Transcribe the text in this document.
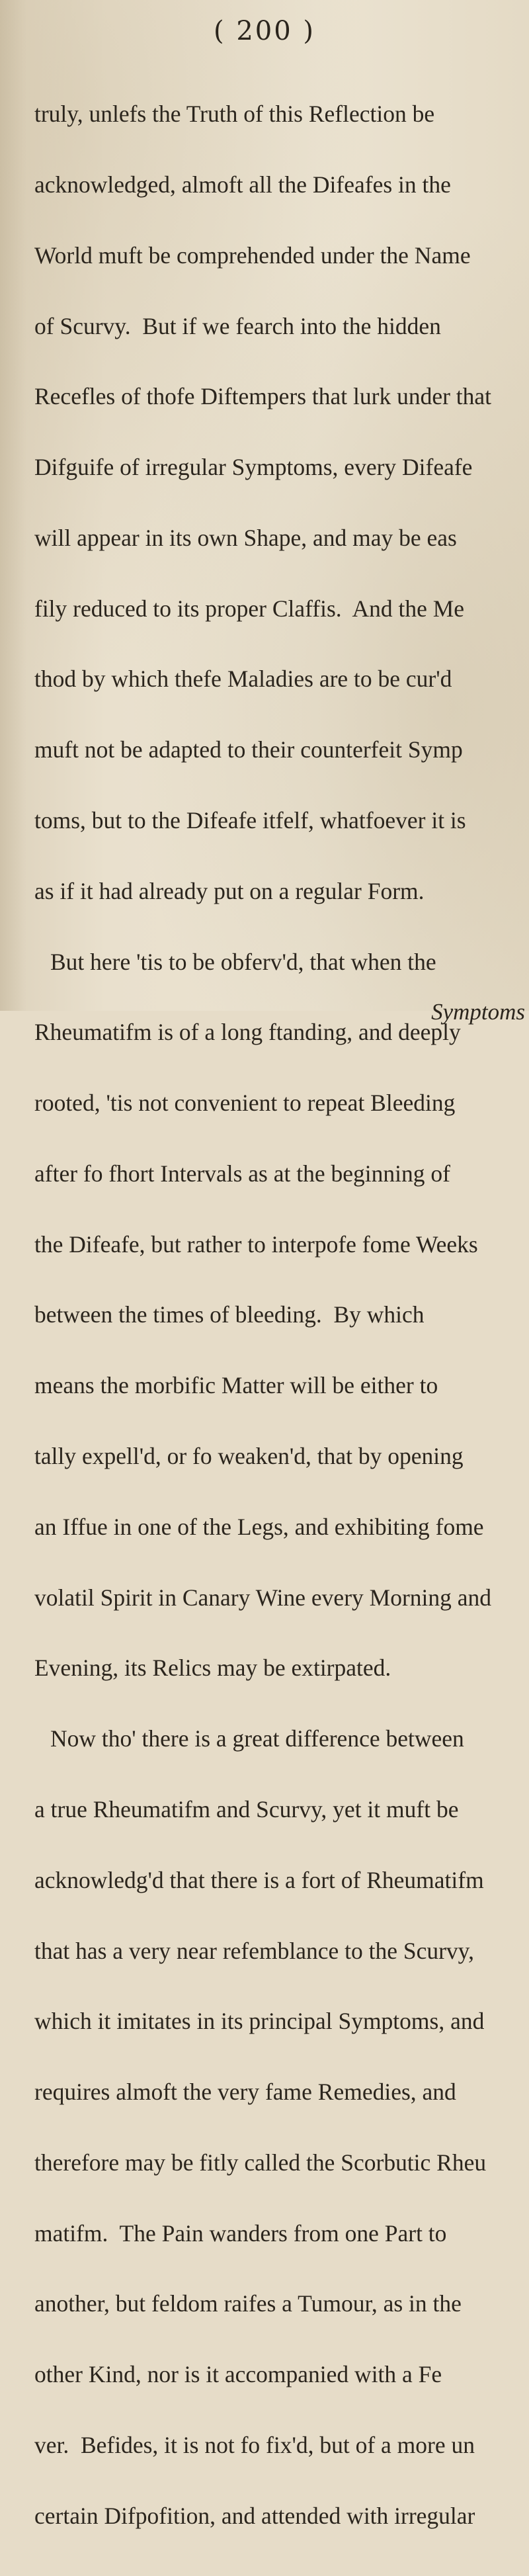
( 200 )

truly, unlefs the Truth of this Reflection be

acknowledged, almoft all the Difeafes in the

World muft be comprehended under the Name

of Scurvy.  But if we fearch into the hidden

Recefles of thofe Diftempers that lurk under that

Difguife of irregular Symptoms, every Difeafe

will appear in its own Shape, and may be eas

fily reduced to its proper Claffis.  And the Me

thod by which thefe Maladies are to be cur'd

muft not be adapted to their counterfeit Symp

toms, but to the Difeafe itfelf, whatfoever it is

as if it had already put on a regular Form.

But here 'tis to be obferv'd, that when the

Rheumatifm is of a long ftanding, and deeply

rooted, 'tis not convenient to repeat Bleeding

after fo fhort Intervals as at the beginning of

the Difeafe, but rather to interpofe fome Weeks

between the times of bleeding.  By which

means the morbific Matter will be either to

tally expell'd, or fo weaken'd, that by opening

an Iffue in one of the Legs, and exhibiting fome

volatil Spirit in Canary Wine every Morning and

Evening, its Relics may be extirpated.

Now tho' there is a great difference between

a true Rheumatifm and Scurvy, yet it muft be

acknowledg'd that there is a fort of Rheumatifm

that has a very near refemblance to the Scurvy,

which it imitates in its principal Symptoms, and

requires almoft the very fame Remedies, and

therefore may be fitly called the Scorbutic Rheu

matifm.  The Pain wanders from one Part to

another, but feldom raifes a Tumour, as in the

other Kind, nor is it accompanied with a Fe

ver.  Befides, it is not fo fix'd, but of a more un

certain Difpofition, and attended with irregular

Symptoms
